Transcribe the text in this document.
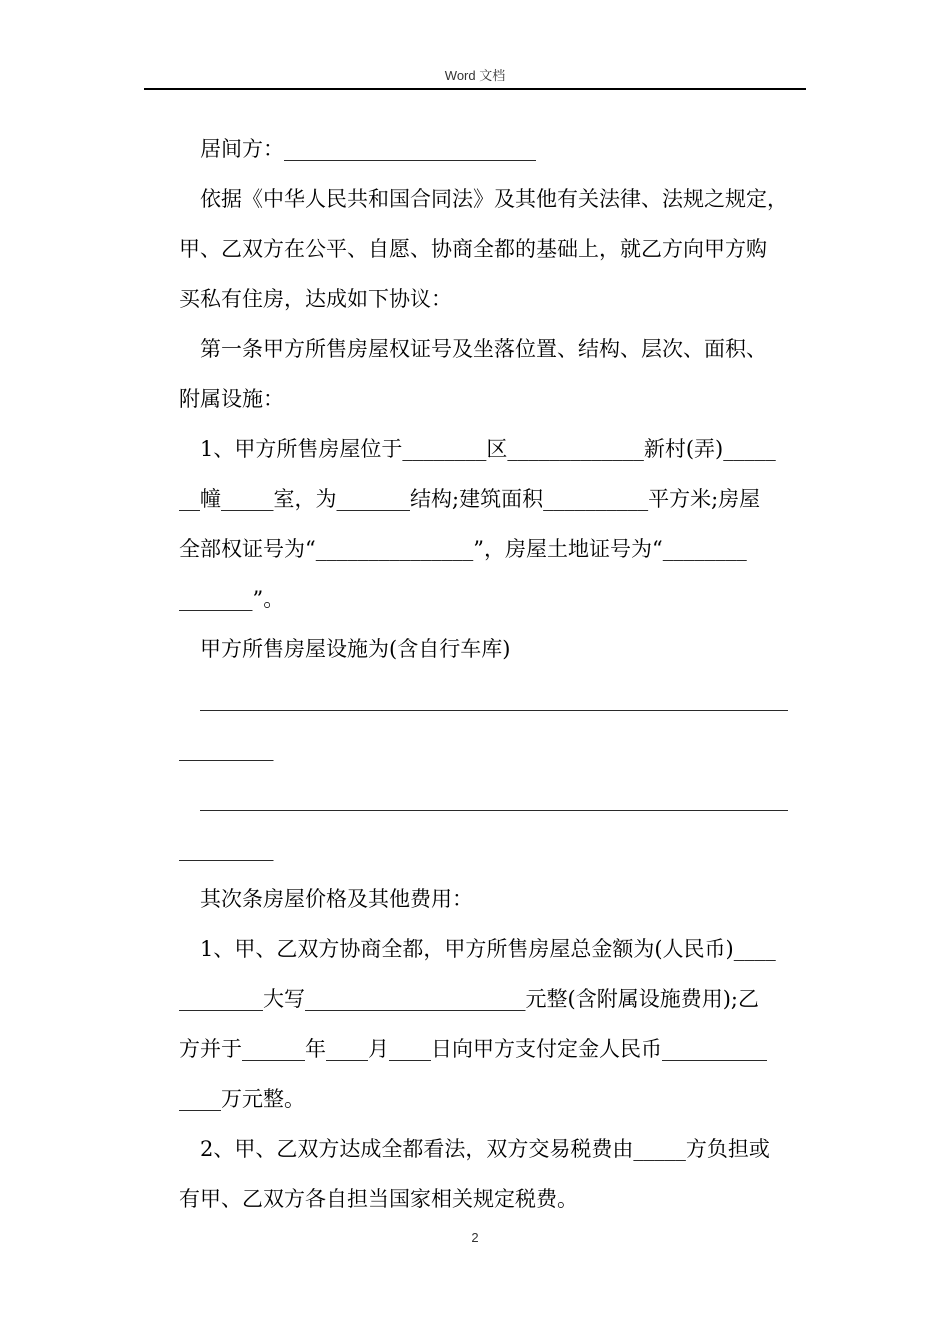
Word 文档
居间方：________________________
依据《中华人民共和国合同法》及其他有关法律、法规之规定，
甲、乙双方在公平、自愿、协商全都的基础上，就乙方向甲方购
买私有住房，达成如下协议：
第一条甲方所售房屋权证号及坐落位置、结构、层次、面积、
附属设施：
1、甲方所售房屋位于________区_____________新村(弄)_____
__幢_____室，为_______结构;建筑面积__________平方米;房屋
全部权证号为“_______________”，房屋土地证号为“________
_______”。
甲方所售房屋设施为(含自行车库)
________________________________________________________
_________
________________________________________________________
_________
其次条房屋价格及其他费用：
1、甲、乙双方协商全都，甲方所售房屋总金额为(人民币)____
________大写_____________________元整(含附属设施费用);乙
方并于______年____月____日向甲方支付定金人民币__________
____万元整。
2、甲、乙双方达成全都看法，双方交易税费由_____方负担或
有甲、乙双方各自担当国家相关规定税费。
2
